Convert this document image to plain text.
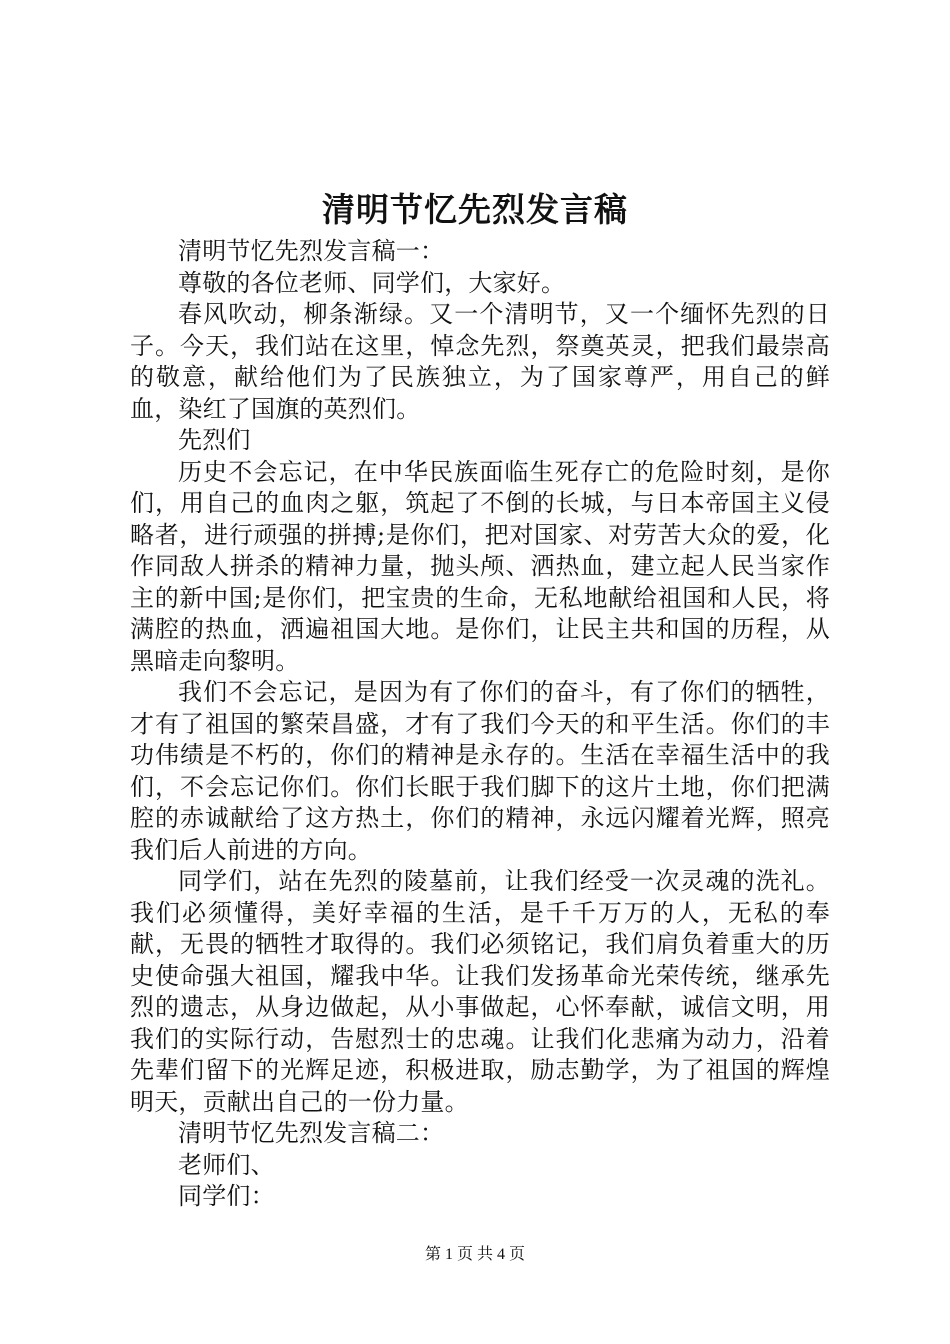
清明节忆先烈发言稿

清明节忆先烈发言稿一：

尊敬的各位老师、同学们，大家好。

春风吹动，柳条渐绿。又一个清明节，又一个缅怀先烈的日子。今天，我们站在这里，悼念先烈，祭奠英灵，把我们最崇高的敬意，献给他们为了民族独立，为了国家尊严，用自己的鲜血，染红了国旗的英烈们。

先烈们

历史不会忘记，在中华民族面临生死存亡的危险时刻，是你们，用自己的血肉之躯，筑起了不倒的长城，与日本帝国主义侵略者，进行顽强的拼搏;是你们，把对国家、对劳苦大众的爱，化作同敌人拼杀的精神力量，抛头颅、洒热血，建立起人民当家作主的新中国;是你们，把宝贵的生命，无私地献给祖国和人民，将满腔的热血，洒遍祖国大地。是你们，让民主共和国的历程，从黑暗走向黎明。

我们不会忘记，是因为有了你们的奋斗，有了你们的牺牲，才有了祖国的繁荣昌盛，才有了我们今天的和平生活。你们的丰功伟绩是不朽的，你们的精神是永存的。生活在幸福生活中的我们，不会忘记你们。你们长眠于我们脚下的这片土地，你们把满腔的赤诚献给了这方热土，你们的精神，永远闪耀着光辉，照亮我们后人前进的方向。

同学们，站在先烈的陵墓前，让我们经受一次灵魂的洗礼。我们必须懂得，美好幸福的生活，是千千万万的人，无私的奉献，无畏的牺牲才取得的。我们必须铭记，我们肩负着重大的历史使命强大祖国，耀我中华。让我们发扬革命光荣传统，继承先烈的遗志，从身边做起，从小事做起，心怀奉献，诚信文明，用我们的实际行动，告慰烈士的忠魂。让我们化悲痛为动力，沿着先辈们留下的光辉足迹，积极进取，励志勤学，为了祖国的辉煌明天，贡献出自己的一份力量。

清明节忆先烈发言稿二：

老师们、

同学们：

第 1 页 共 4 页
